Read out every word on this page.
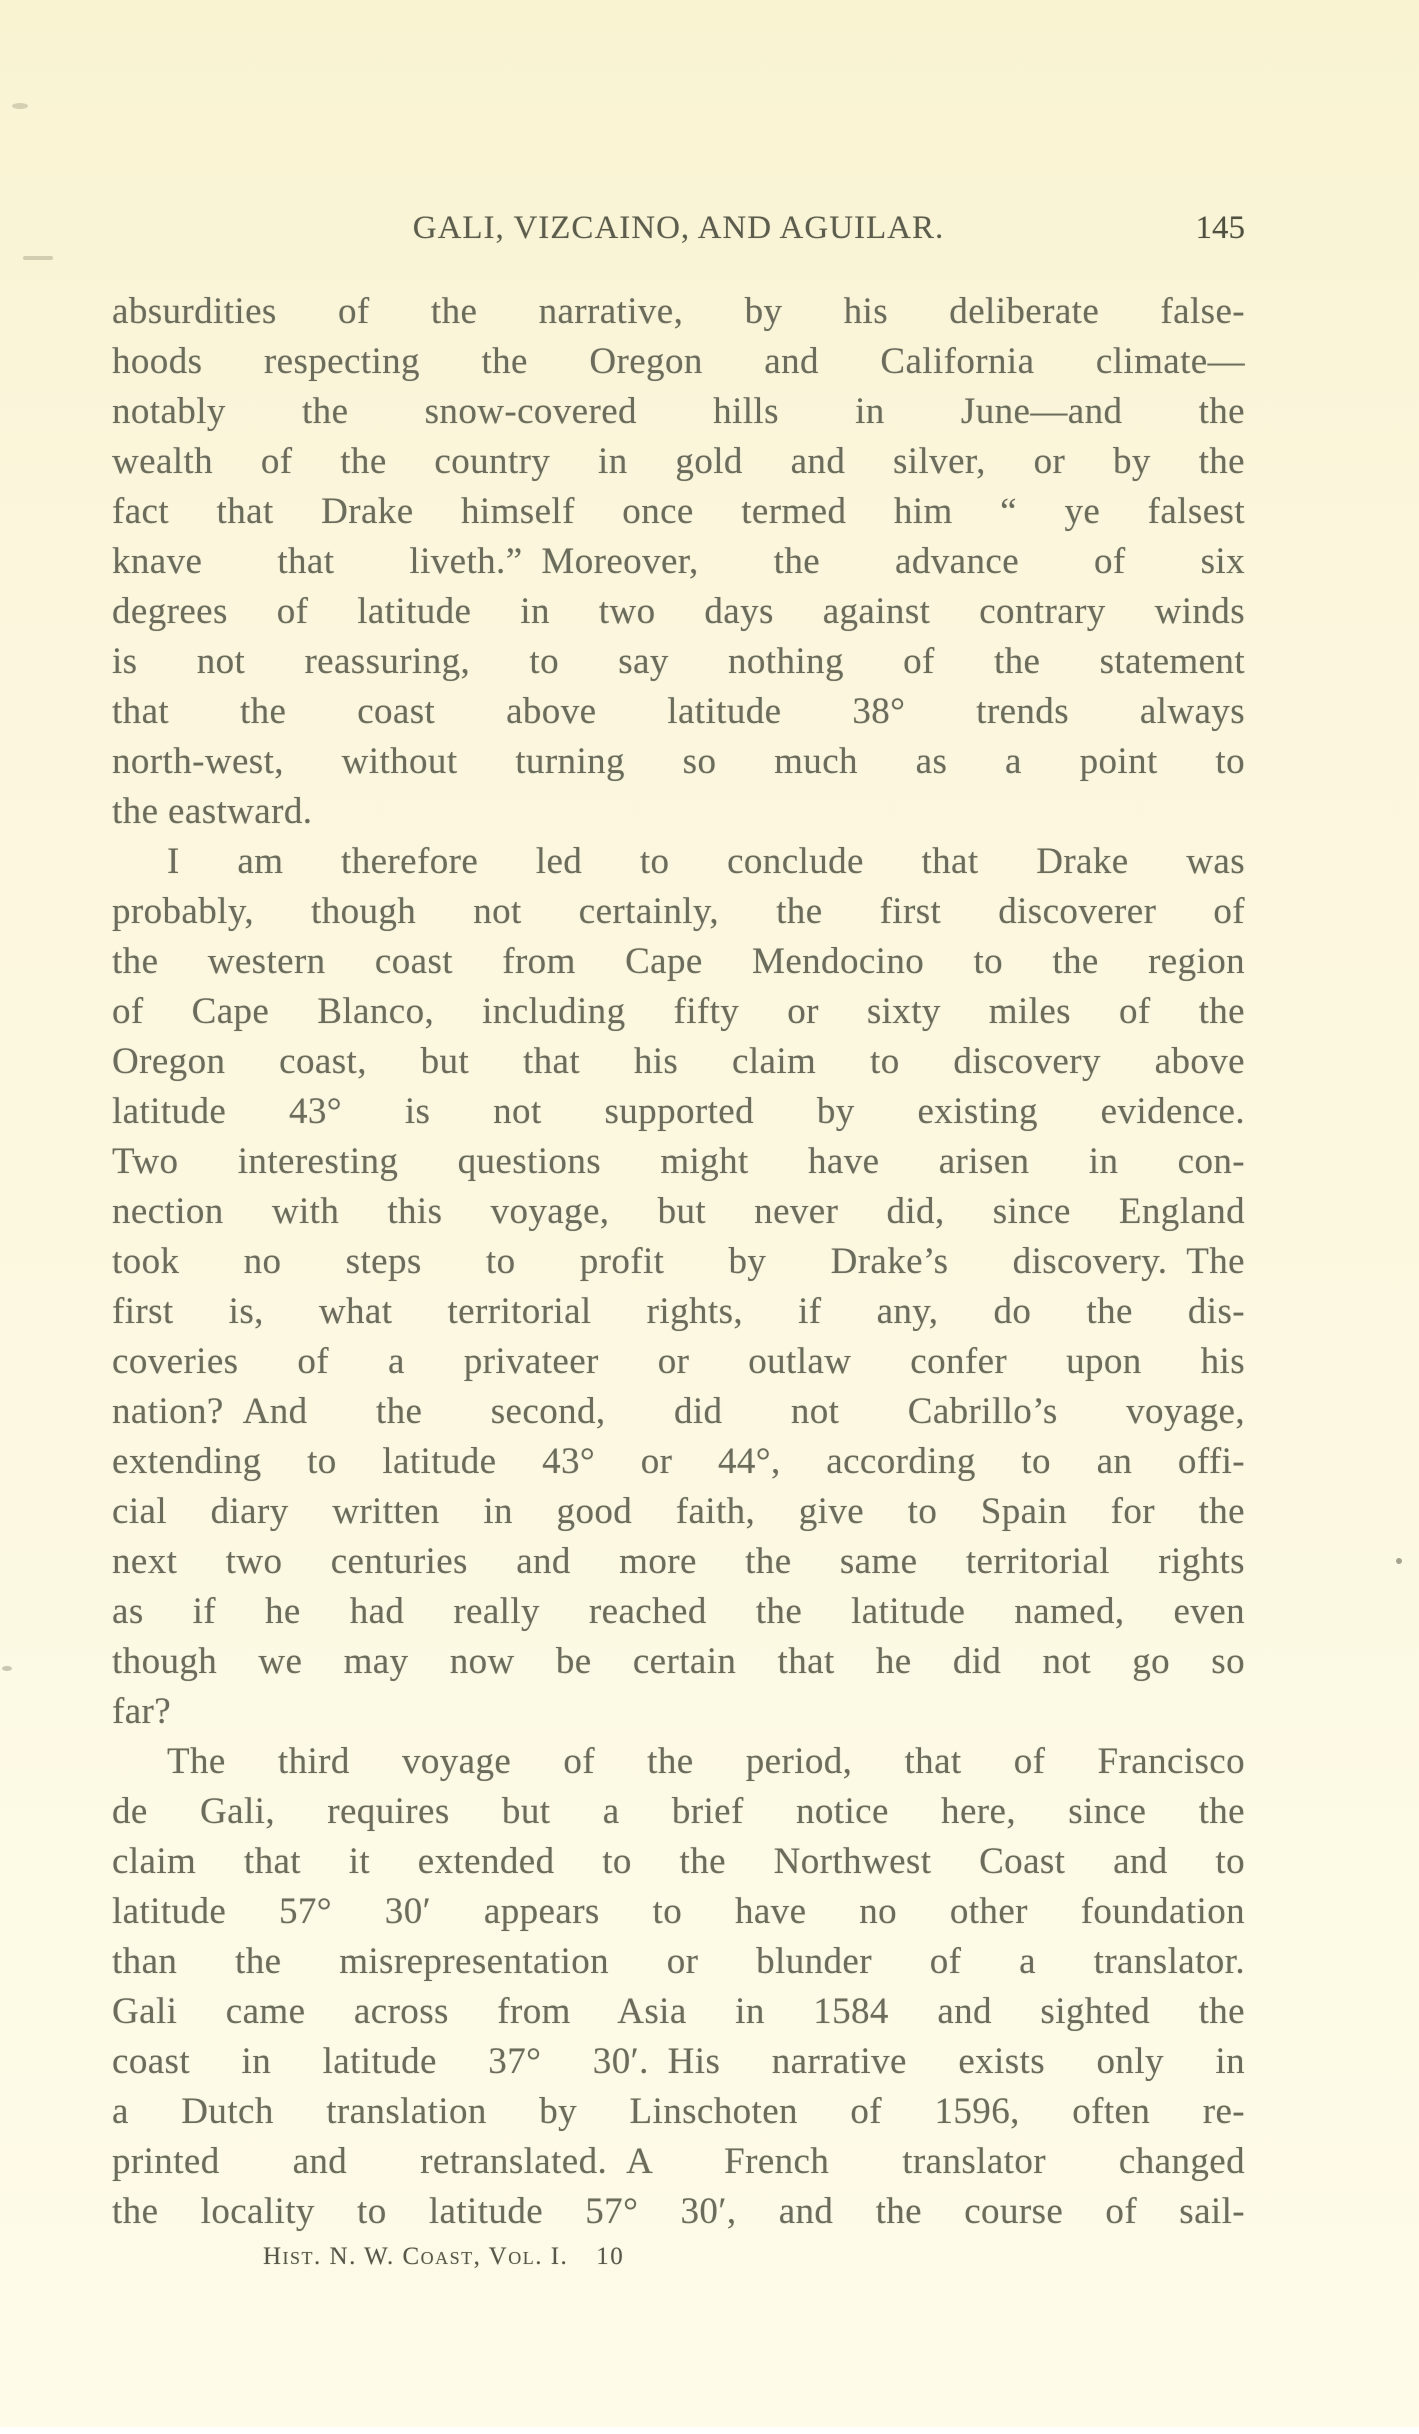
GALI, VIZCAINO, AND AGUILAR.	145
absurdities of the narrative, by his deliberate false-
hoods respecting the Oregon and California climate—
notably the snow-covered hills in June—and the
wealth of the country in gold and silver, or by the
fact that Drake himself once termed him “ ye falsest
knave that liveth.” Moreover, the advance of six
degrees of latitude in two days against contrary winds
is not reassuring, to say nothing of the statement
that the coast above latitude 38° trends always
north-west, without turning so much as a point to
the eastward.
I am therefore led to conclude that Drake was
probably, though not certainly, the first discoverer of
the western coast from Cape Mendocino to the region
of Cape Blanco, including fifty or sixty miles of the
Oregon coast, but that his claim to discovery above
latitude 43° is not supported by existing evidence.
Two interesting questions might have arisen in con-
nection with this voyage, but never did, since England
took no steps to profit by Drake’s discovery. The
first is, what territorial rights, if any, do the dis-
coveries of a privateer or outlaw confer upon his
nation? And the second, did not Cabrillo’s voyage,
extending to latitude 43° or 44°, according to an offi-
cial diary written in good faith, give to Spain for the
next two centuries and more the same territorial rights
as if he had really reached the latitude named, even
though we may now be certain that he did not go so
far?
The third voyage of the period, that of Francisco
de Gali, requires but a brief notice here, since the
claim that it extended to the Northwest Coast and to
latitude 57° 30′ appears to have no other foundation
than the misrepresentation or blunder of a translator.
Gali came across from Asia in 1584 and sighted the
coast in latitude 37° 30′. His narrative exists only in
a Dutch translation by Linschoten of 1596, often re-
printed and retranslated. A French translator changed
the locality to latitude 57° 30′, and the course of sail-
Hist. N. W. Coast, Vol. I.  10
